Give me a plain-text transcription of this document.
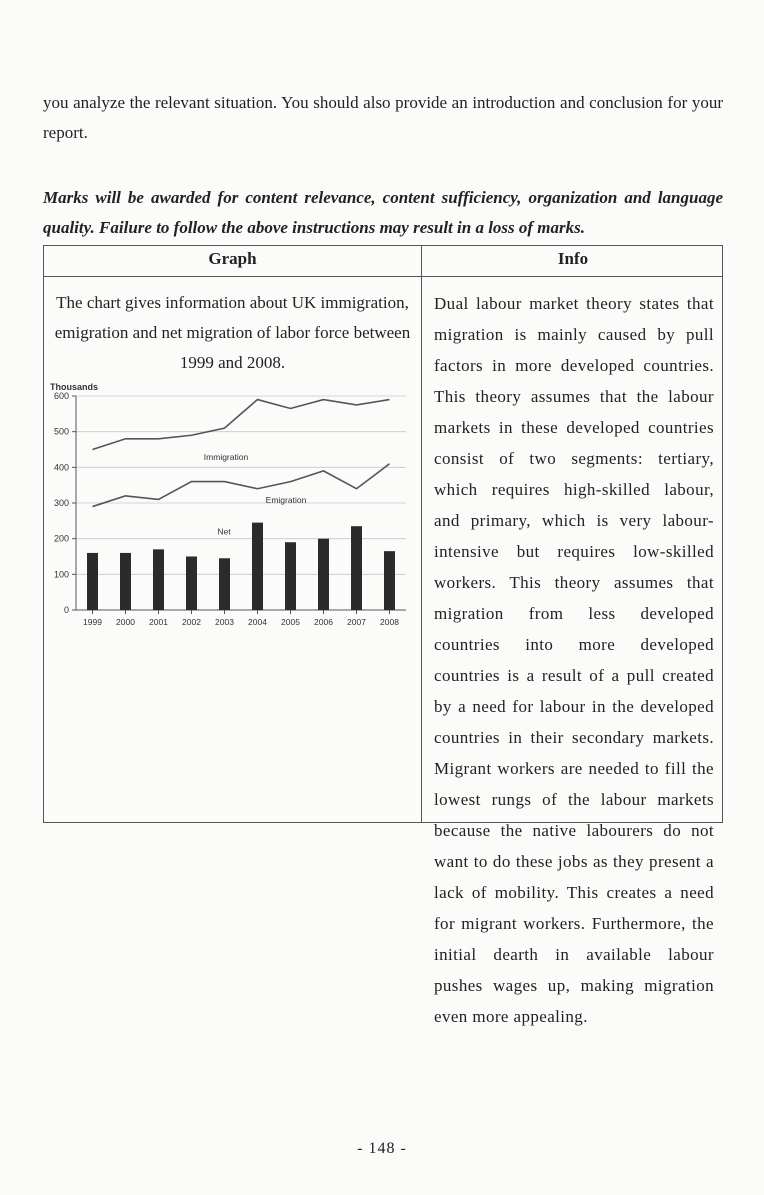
you analyze the relevant situation. You should also provide an introduction and conclusion for your report.
Marks will be awarded for content relevance, content sufficiency, organization and language quality. Failure to follow the above instructions may result in a loss of marks.
Graph	Info
The chart gives information about UK immigration, emigration and net migration of labor force between 1999 and 2008.
Dual labour market theory states that migration is mainly caused by pull factors in more developed countries. This theory assumes that the labour markets in these developed countries consist of two segments: tertiary, which requires high-skilled labour, and primary, which is very labour-intensive but requires low-skilled workers. This theory assumes that migration from less developed countries into more developed countries is a result of a pull created by a need for labour in the developed countries in their secondary markets. Migrant workers are needed to fill the lowest rungs of the labour markets because the native labourers do not want to do these jobs as they present a lack of mobility. This creates a need for migrant workers. Furthermore, the initial dearth in available labour pushes wages up, making migration even more appealing.
Thousands
0
100
200
300
400
500
600
1999 2000 2001 2002 2003 2004 2005 2006 2007 2008
Immigration
Emigration
Net
- 148 -
